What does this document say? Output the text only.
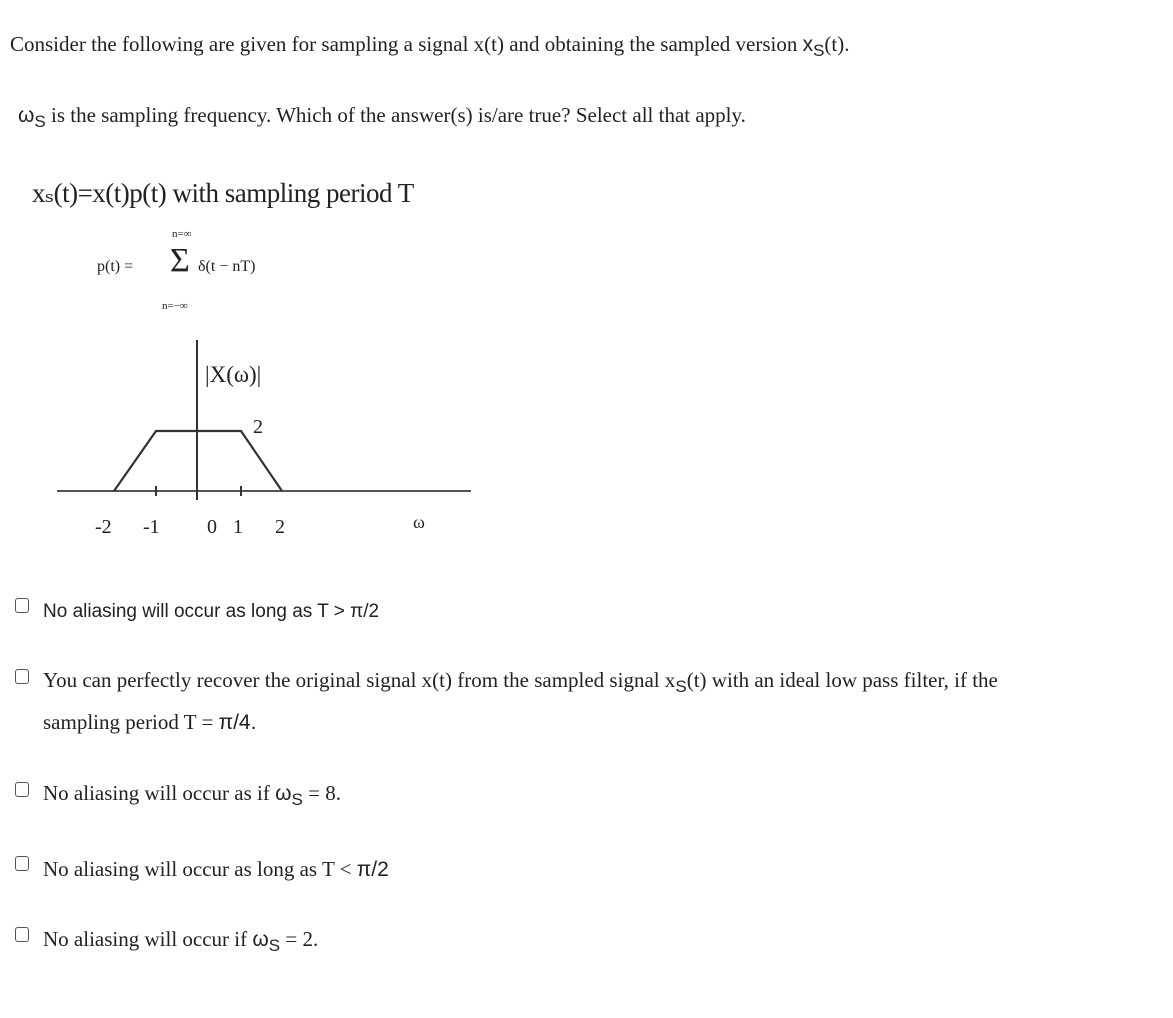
Consider the following are given for sampling a signal x(t) and obtaining the sampled version $x_S(t)$.
$\omega_S$ is the sampling frequency. Which of the answer(s) is/are true? Select all that apply.
xₛ(t)=x(t)p(t) with sampling period T
n=∞
p(t) = Σ δ(t − nT)
n=−∞
|X(ω)|
2
-2 -1 0 1 2	ω
No aliasing will occur as long as T > π/2
You can perfectly recover the original signal x(t) from the sampled signal $x_S(t)$ with an ideal low pass filter, if the
sampling period T = π/4.
No aliasing will occur as if $\omega_S = 8$.
No aliasing will occur as long as T < π/2
No aliasing will occur if $\omega_S = 2$.
